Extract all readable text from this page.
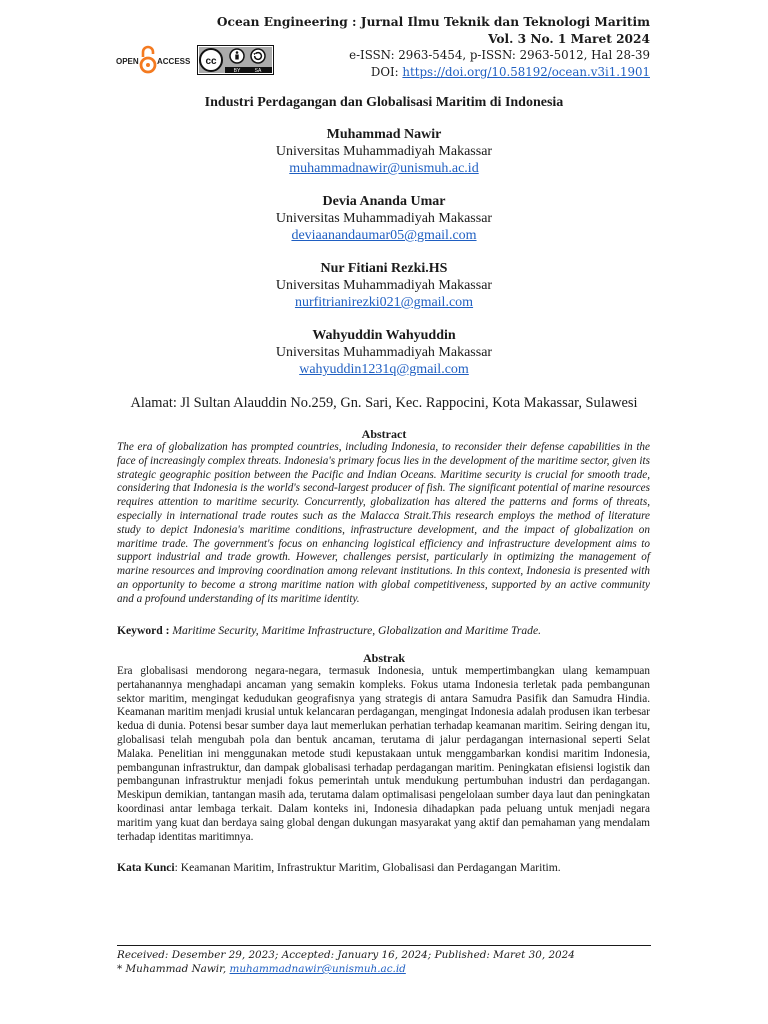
OPEN ACCESS cc
BY	SA
Ocean Engineering : Jurnal Ilmu Teknik dan Teknologi Maritim
Vol. 3 No. 1 Maret 2024
e-ISSN: 2963-5454, p-ISSN: 2963-5012, Hal 28-39
DOI: https://doi.org/10.58192/ocean.v3i1.1901
Industri Perdagangan dan Globalisasi Maritim di Indonesia
Muhammad Nawir
Universitas Muhammadiyah Makassar
muhammadnawir@unismuh.ac.id
Devia Ananda Umar
Universitas Muhammadiyah Makassar
deviaanandaumar05@gmail.com
Nur Fitiani Rezki.HS
Universitas Muhammadiyah Makassar
nurfitrianirezki021@gmail.com
Wahyuddin Wahyuddin
Universitas Muhammadiyah Makassar
wahyuddin1231q@gmail.com
Alamat: Jl Sultan Alauddin No.259, Gn. Sari, Kec. Rappocini, Kota Makassar, Sulawesi
Abstract
The era of globalization has prompted countries, including Indonesia, to reconsider their defense capabilities in the face of increasingly complex threats. Indonesia's primary focus lies in the development of the maritime sector, given its strategic geographic position between the Pacific and Indian Oceans. Maritime security is crucial for smooth trade, considering that Indonesia is the world's second-largest producer of fish. The significant potential of marine resources requires attention to maritime security. Concurrently, globalization has altered the patterns and forms of threats, especially in international trade routes such as the Malacca Strait.This research employs the method of literature study to depict Indonesia's maritime conditions, infrastructure development, and the impact of globalization on maritime trade. The government's focus on enhancing logistical efficiency and infrastructure development aims to support industrial and trade growth. However, challenges persist, particularly in optimizing the management of marine resources and improving coordination among relevant institutions. In this context, Indonesia is presented with an opportunity to become a strong maritime nation with global competitiveness, supported by an active community and a profound understanding of its maritime identity.
Keyword : Maritime Security, Maritime Infrastructure, Globalization and Maritime Trade.
Abstrak
Era globalisasi mendorong negara-negara, termasuk Indonesia, untuk mempertimbangkan ulang kemampuan pertahanannya menghadapi ancaman yang semakin kompleks. Fokus utama Indonesia terletak pada pembangunan sektor maritim, mengingat kedudukan geografisnya yang strategis di antara Samudra Pasifik dan Samudra Hindia. Keamanan maritim menjadi krusial untuk kelancaran perdagangan, mengingat Indonesia adalah produsen ikan terbesar kedua di dunia. Potensi besar sumber daya laut memerlukan perhatian terhadap keamanan maritim. Seiring dengan itu, globalisasi telah mengubah pola dan bentuk ancaman, terutama di jalur perdagangan internasional seperti Selat Malaka. Penelitian ini menggunakan metode studi kepustakaan untuk menggambarkan kondisi maritim Indonesia, pembangunan infrastruktur, dan dampak globalisasi terhadap perdagangan maritim. Peningkatan efisiensi logistik dan pembangunan infrastruktur menjadi fokus pemerintah untuk mendukung pertumbuhan industri dan perdagangan. Meskipun demikian, tantangan masih ada, terutama dalam optimalisasi pengelolaan sumber daya laut dan peningkatan koordinasi antar lembaga terkait. Dalam konteks ini, Indonesia dihadapkan pada peluang untuk menjadi negara maritim yang kuat dan berdaya saing global dengan dukungan masyarakat yang aktif dan pemahaman yang mendalam terhadap identitas maritimnya.
Kata Kunci: Keamanan Maritim, Infrastruktur Maritim, Globalisasi dan Perdagangan Maritim.
Received: Desember 29, 2023; Accepted: January 16, 2024; Published: Maret 30, 2024
* Muhammad Nawir, muhammadnawir@unismuh.ac.id
